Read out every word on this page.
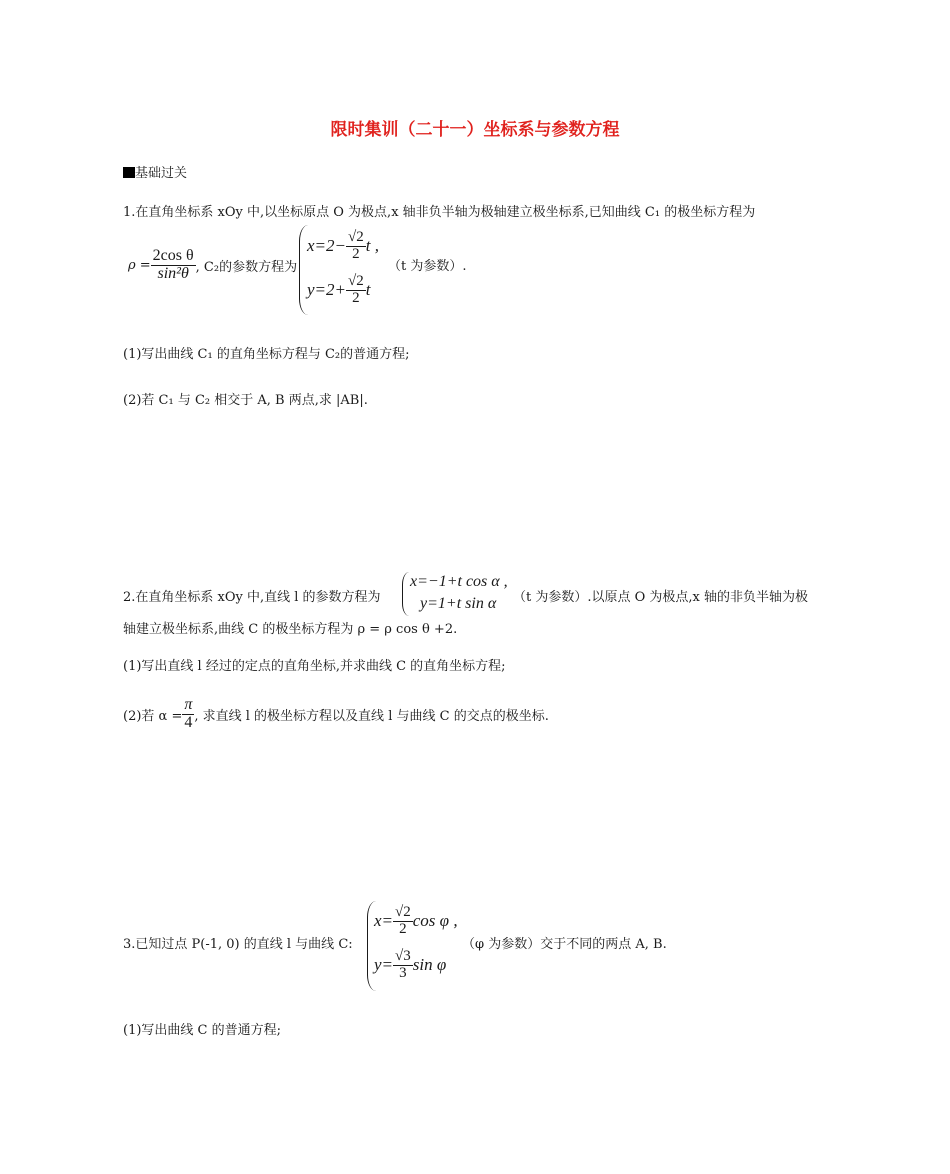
限时集训（二十一）坐标系与参数方程
基础过关
1.在直角坐标系 xOy 中,以坐标原点 O 为极点,x 轴非负半轴为极轴建立极坐标系,已知曲线 C₁ 的极坐标方程为
$\rho = \frac{\text{2cos θ}}{\text{sin²θ}}$ , C₂的参数方程为
$x=2- \frac{√2}{2}$ t ,
（t 为参数）.
$y=2+ \frac{√2}{2}$ t
(1)写出曲线 C₁ 的直角坐标方程与 C₂的普通方程;
(2)若 C₁ 与 C₂ 相交于 A, B 两点,求 |AB|.
2.在直角坐标系 xOy 中,直线 l 的参数方程为
x=−1+t cos α ,
y=1+t sin α （t 为参数）.以原点 O 为极点,x 轴的非负半轴为极
轴建立极坐标系,曲线 C 的极坐标方程为 ρ = ρ cos θ +2.
(1)写出直线 l 经过的定点的直角坐标,并求曲线 C 的直角坐标方程;
(2)若 $\alpha = \frac{\pi}{4}$ , 求直线 l 的极坐标方程以及直线 l 与曲线 C 的交点的极坐标.
3.已知过点 P(-1, 0) 的直线 l 与曲线 C:
$x= \frac{√2}{2}$ cos φ ,
（φ 为参数）交于不同的两点 A, B.
$y= \frac{√3}{3}$ sin φ
(1)写出曲线 C 的普通方程;
